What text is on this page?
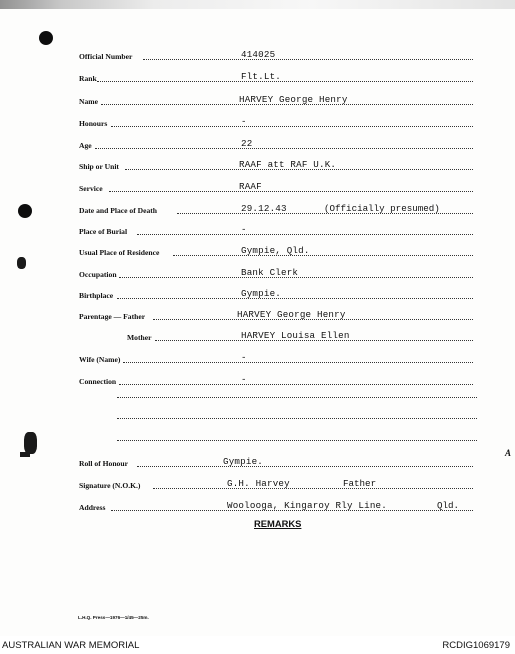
A
Official Number	414025
Rank	Flt.Lt.
Name	HARVEY George Henry
Honours	-
Age	22
Ship or Unit	RAAF att RAF U.K.
Service	RAAF
Date and Place of Death	29.12.43	(Officially presumed)
Place of Burial	-
Usual Place of Residence	Gympie, Qld.
Occupation	Bank Clerk
Birthplace	Gympie.
Parentage — Father	HARVEY George Henry
Mother	HARVEY Louisa Ellen
Wife (Name)	-
Connection	-
Roll of Honour	Gympie.
Signature (N.O.K.)	G.H. Harvey	Father
Address	Woolooga, Kingaroy Rly Line.	Qld.
REMARKS
L.H.Q. Press—1976—1/45—25m.
AUSTRALIAN WAR MEMORIAL	RCDIG1069179
